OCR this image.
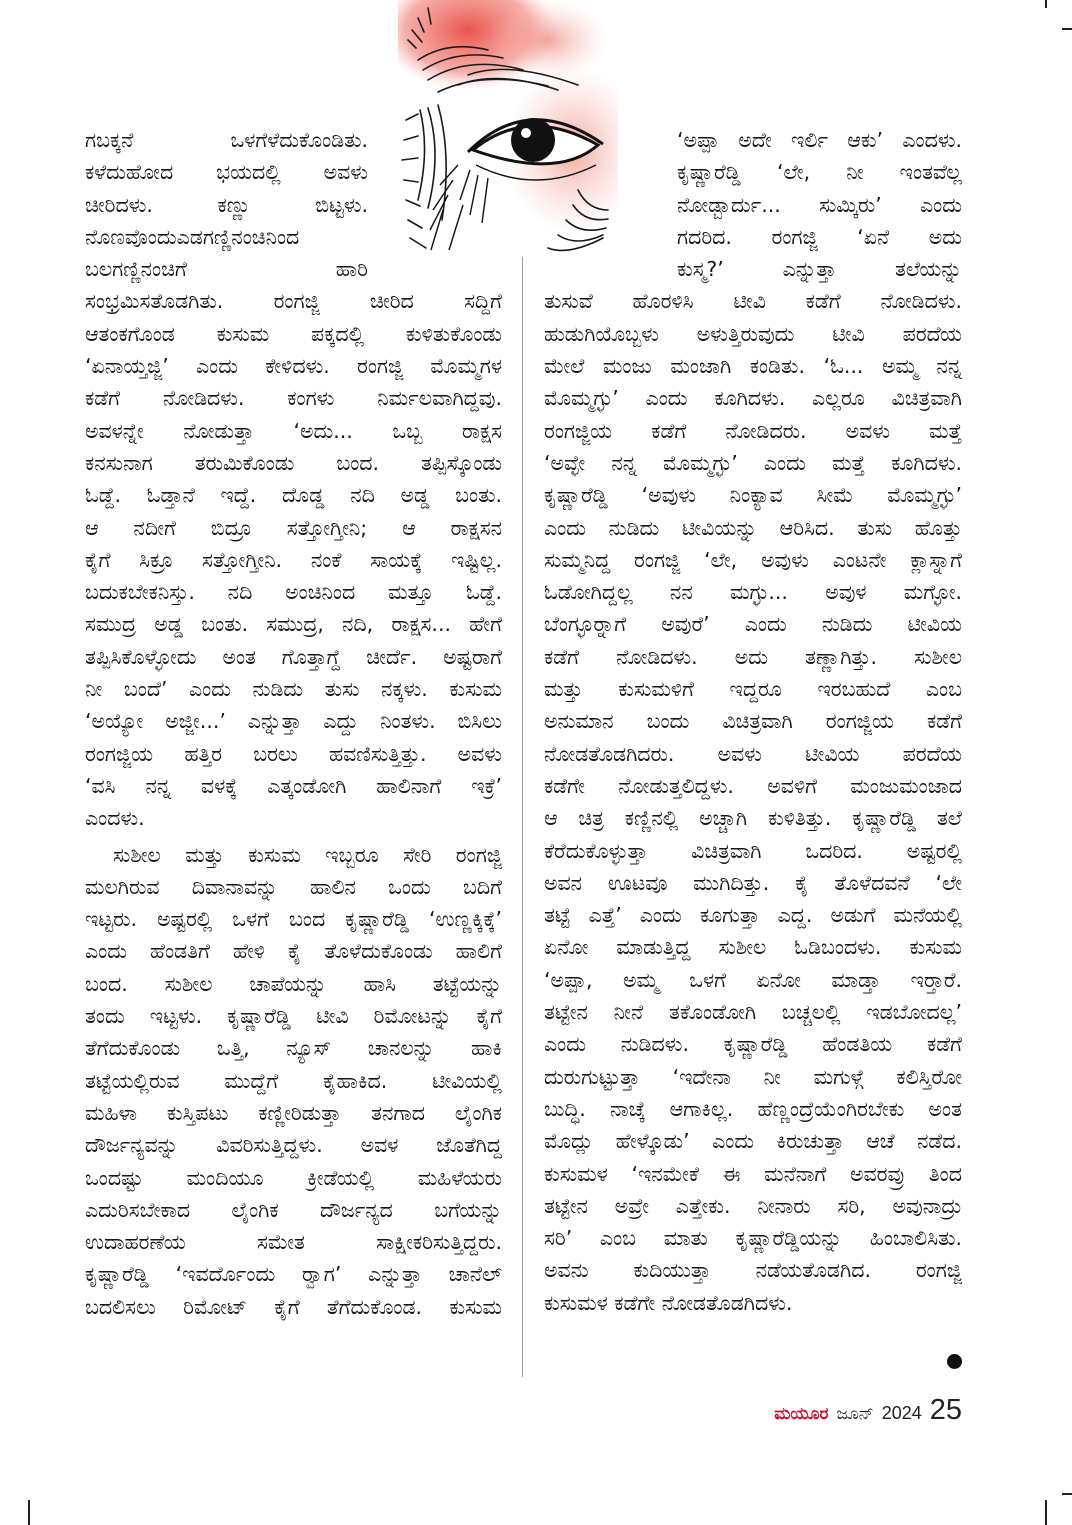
ಗಬಕ್ಕನೆ ಒಳಗೆಳೆದುಕೊಂಡಿತು.
ಕಳೆದುಹೋದ ಭಯದಲ್ಲಿ ಅವಳು
ಚೀರಿದಳು. ಕಣ್ಣು ಬಿಟ್ಟಳು.
ನೊಣವೊಂದುಎಡಗಣ್ಣಿನಂಚಿನಿಂದ
ಬಲಗಣ್ಣಿನಂಚಿಗೆ ಹಾರಿ
ಸಂಭ್ರಮಿಸತೊಡಗಿತು. ರಂಗಜ್ಜಿ ಚೀರಿದ ಸದ್ದಿಗೆ
ಆತಂಕಗೊಂಡ ಕುಸುಮ ಪಕ್ಕದಲ್ಲಿ ಕುಳಿತುಕೊಂಡು
‘ಏನಾಯ್ತಜ್ಜಿ’ ಎಂದು ಕೇಳಿದಳು. ರಂಗಜ್ಜಿ ಮೊಮ್ಮಗಳ
ಕಡೆಗೆ ನೋಡಿದಳು. ಕಂಗಳು ನಿರ್ಮಲವಾಗಿದ್ದವು.
ಅವಳನ್ನೇ ನೋಡುತ್ತಾ ‘ಅದು... ಒಬ್ಬ ರಾಕ್ಷಸ
ಕನಸುನಾಗ ತರುಮಿಕೊಂಡು ಬಂದ. ತಪ್ಪಿಸ್ಕೊಂಡು
ಓಡ್ದೆ. ಓಡ್ತಾನೆ ಇದ್ದೆ. ದೊಡ್ಡ ನದಿ ಅಡ್ಡ ಬಂತು.
ಆ ನದೀಗೆ ಬಿದ್ರೂ ಸತ್ತೋಗ್ತೀನಿ; ಆ ರಾಕ್ಷಸನ
ಕೈಗೆ ಸಿಕ್ರೂ ಸತ್ತೋಗ್ತೀನಿ. ನಂಕೆ ಸಾಯಕ್ಕೆ ಇಷ್ಟಿಲ್ಲ.
ಬದುಕಬೇಕನಿಸ್ತು. ನದಿ ಅಂಚಿನಿಂದ ಮತ್ತೂ ಓಡ್ದೆ.
ಸಮುದ್ರ ಅಡ್ಡ ಬಂತು. ಸಮುದ್ರ, ನದಿ, ರಾಕ್ಷಸ... ಹೇಗೆ
ತಪ್ಪಿಸಿಕೊಳ್ಳೋದು ಅಂತ ಗೊತ್ತಾಗ್ದೆ ಚೀರ್ದೆ. ಅಷ್ಟರಾಗೆ
ನೀ ಬಂದೆ’ ಎಂದು ನುಡಿದು ತುಸು ನಕ್ಕಳು. ಕುಸುಮ
‘ಅಯ್ಯೋ ಅಜ್ಜೀ...’ ಎನ್ನುತ್ತಾ ಎದ್ದು ನಿಂತಳು. ಬಿಸಿಲು
ರಂಗಜ್ಜಿಯ ಹತ್ತಿರ ಬರಲು ಹವಣಿಸುತ್ತಿತ್ತು. ಅವಳು
‘ವಸಿ ನನ್ನ ವಳಕ್ಕೆ ಎತ್ಕಂಡೋಗಿ ಹಾಲಿನಾಗೆ ಇಕ್ರೆ’
ಎಂದಳು.
ಸುಶೀಲ ಮತ್ತು ಕುಸುಮ ಇಬ್ಬರೂ ಸೇರಿ ರಂಗಜ್ಜಿ
ಮಲಗಿರುವ ದಿವಾನಾವನ್ನು ಹಾಲಿನ ಒಂದು ಬದಿಗೆ
ಇಟ್ಟರು. ಅಷ್ಟರಲ್ಲಿ ಒಳಗೆ ಬಂದ ಕೃಷ್ಣಾರೆಡ್ಡಿ ‘ಉಣ್ಣಕ್ಕಿಕ್ಕೆ’
ಎಂದು ಹೆಂಡತಿಗೆ ಹೇಳಿ ಕೈ ತೊಳೆದುಕೊಂಡು ಹಾಲಿಗೆ
ಬಂದ. ಸುಶೀಲ ಚಾಪೆಯನ್ನು ಹಾಸಿ ತಟ್ಟೆಯನ್ನು
ತಂದು ಇಟ್ಟಳು. ಕೃಷ್ಣಾರೆಡ್ಡಿ ಟೀವಿ ರಿಮೋಟನ್ನು ಕೈಗೆ
ತೆಗೆದುಕೊಂಡು ಒತ್ತಿ, ನ್ಯೂಸ್ ಚಾನಲನ್ನು ಹಾಕಿ
ತಟ್ಟೆಯಲ್ಲಿರುವ ಮುದ್ದೆಗೆ ಕೈಹಾಕಿದ. ಟೀವಿಯಲ್ಲಿ
ಮಹಿಳಾ ಕುಸ್ತಿಪಟು ಕಣ್ಣೀರಿಡುತ್ತಾ ತನಗಾದ ಲೈಂಗಿಕ
ದೌರ್ಜನ್ಯವನ್ನು ವಿವರಿಸುತ್ತಿದ್ದಳು. ಅವಳ ಜೊತೆಗಿದ್ದ
ಒಂದಷ್ಟು ಮಂದಿಯೂ ಕ್ರೀಡೆಯಲ್ಲಿ ಮಹಿಳೆಯರು
ಎದುರಿಸಬೇಕಾದ ಲೈಂಗಿಕ ದೌರ್ಜನ್ಯದ ಬಗೆಯನ್ನು
ಉದಾಹರಣೆಯ ಸಮೇತ ಸಾಕ್ಷೀಕರಿಸುತ್ತಿದ್ದರು.
ಕೃಷ್ಣಾರೆಡ್ಡಿ ‘ಇವರ್ದೊಂದು ರ್‍ವಾಗ’ ಎನ್ನುತ್ತಾ ಚಾನೆಲ್
ಬದಲಿಸಲು ರಿಮೋಟ್ ಕೈಗೆ ತೆಗೆದುಕೊಂಡ. ಕುಸುಮ
‘ಅಪ್ಪಾ ಅದೇ ಇರ್ಲಿ ಆಕು’ ಎಂದಳು.
ಕೃಷ್ಣಾರೆಡ್ಡಿ ‘ಲೇ, ನೀ ಇಂತವೆಲ್ಲ
ನೋಡ್ಬಾರ್ದು... ಸುಮ್ಕಿರು’ ಎಂದು
ಗದರಿದ. ರಂಗಜ್ಜಿ ‘ಏನೆ ಅದು
ಕುಸ್ಮ?’ ಎನ್ನುತ್ತಾ ತಲೆಯನ್ನು
ತುಸುವೆ ಹೊರಳಿಸಿ ಟೀವಿ ಕಡೆಗೆ ನೋಡಿದಳು.
ಹುಡುಗಿಯೊಬ್ಬಳು ಅಳುತ್ತಿರುವುದು ಟೀವಿ ಪರದೆಯ
ಮೇಲೆ ಮಂಜು ಮಂಜಾಗಿ ಕಂಡಿತು. ‘ಓ... ಅಮ್ಮ ನನ್ನ
ಮೊಮ್ಮಗ್ಳು’ ಎಂದು ಕೂಗಿದಳು. ಎಲ್ಲರೂ ವಿಚಿತ್ರವಾಗಿ
ರಂಗಜ್ಜಿಯ ಕಡೆಗೆ ನೋಡಿದರು. ಅವಳು ಮತ್ತೆ
‘ಅವ್ಳೇ ನನ್ನ ಮೊಮ್ಮಗ್ಳು’ ಎಂದು ಮತ್ತೆ ಕೂಗಿದಳು.
ಕೃಷ್ಣಾರೆಡ್ಡಿ ‘ಅವುಳು ನಿಂಕ್ಯಾವ ಸೀಮೆ ಮೊಮ್ಮಗ್ಳು’
ಎಂದು ನುಡಿದು ಟೀವಿಯನ್ನು ಆರಿಸಿದ. ತುಸು ಹೊತ್ತು
ಸುಮ್ಮನಿದ್ದ ರಂಗಜ್ಜಿ ‘ಲೇ, ಅವುಳು ಎಂಟನೇ ಕ್ಲಾಸ್ನಾಗೆ
ಓಡೋಗಿದ್ದಲ್ಲ ನನ ಮಗ್ಳು... ಅವುಳ ಮಗ್ಳೋ.
ಬೆಂಗ್ಳೂರ್‍ನಾಗೆ ಅವುರೆ’ ಎಂದು ನುಡಿದು ಟೀವಿಯ
ಕಡೆಗೆ ನೋಡಿದಳು. ಅದು ತಣ್ಣಾಗಿತ್ತು. ಸುಶೀಲ
ಮತ್ತು ಕುಸುಮಳಿಗೆ ಇದ್ದರೂ ಇರಬಹುದೆ ಎಂಬ
ಅನುಮಾನ ಬಂದು ವಿಚಿತ್ರವಾಗಿ ರಂಗಜ್ಜಿಯ ಕಡೆಗೆ
ನೋಡತೊಡಗಿದರು. ಅವಳು ಟೀವಿಯ ಪರದೆಯ
ಕಡೆಗೇ ನೋಡುತ್ತಲಿದ್ದಳು. ಅವಳಿಗೆ ಮಂಜುಮಂಜಾದ
ಆ ಚಿತ್ರ ಕಣ್ಣಿನಲ್ಲಿ ಅಚ್ಚಾಗಿ ಕುಳಿತಿತ್ತು. ಕೃಷ್ಣಾರೆಡ್ಡಿ ತಲೆ
ಕೆರೆದುಕೊಳ್ಳುತ್ತಾ ವಿಚಿತ್ರವಾಗಿ ಒದರಿದ. ಅಷ್ಟರಲ್ಲಿ
ಅವನ ಊಟವೂ ಮುಗಿದಿತ್ತು. ಕೈ ತೊಳೆದವನೆ ‘ಲೇ
ತಟ್ಟೆ ಎತ್ತೆ’ ಎಂದು ಕೂಗುತ್ತಾ ಎದ್ದ. ಅಡುಗೆ ಮನೆಯಲ್ಲಿ
ಏನೋ ಮಾಡುತ್ತಿದ್ದ ಸುಶೀಲ ಓಡಿಬಂದಳು. ಕುಸುಮ
‘ಅಪ್ಪಾ, ಅಮ್ಮ ಒಳಗೆ ಏನೋ ಮಾಡ್ತಾ ಇರ್‍ತಾರೆ.
ತಟ್ಟೇನ ನೀನೆ ತಕೊಂಡೋಗಿ ಬಚ್ಚಲಲ್ಲಿ ಇಡಬೋದಲ್ಲ’
ಎಂದು ನುಡಿದಳು. ಕೃಷ್ಣಾರೆಡ್ಡಿ ಹೆಂಡತಿಯ ಕಡೆಗೆ
ದುರುಗುಟ್ಟುತ್ತಾ ‘ಇದೇನಾ ನೀ ಮಗುಳ್ಗೆ ಕಲಿಸ್ತಿರೋ
ಬುದ್ಧಿ. ನಾಚ್ಕೆ ಆಗಾಕಿಲ್ಲ. ಹೆಣ್ಣಂದ್ರೆಯೆಂಗಿರಬೇಕು ಅಂತ
ಮೊದ್ಲು ಹೇಳ್ಕೊಡು’ ಎಂದು ಕಿರುಚುತ್ತಾ ಆಚೆ ನಡೆದ.
ಕುಸುಮಳ ‘ಇನಮೇಕೆ ಈ ಮನೆನಾಗೆ ಅವರವ್ರು ತಿಂದ
ತಟ್ಟೇನ ಅವ್ರೇ ಎತ್ತೇಕು. ನೀನಾರು ಸರಿ, ಅವುನಾದ್ರು
ಸರಿ’ ಎಂಬ ಮಾತು ಕೃಷ್ಣಾರೆಡ್ಡಿಯನ್ನು ಹಿಂಬಾಲಿಸಿತು.
ಅವನು ಕುದಿಯುತ್ತಾ ನಡೆಯತೊಡಗಿದ. ರಂಗಜ್ಜಿ
ಕುಸುಮಳ ಕಡೆಗೇ ನೋಡತೊಡಗಿದಳು.
ಮಯೂರ ಜೂನ್ 2024 25
